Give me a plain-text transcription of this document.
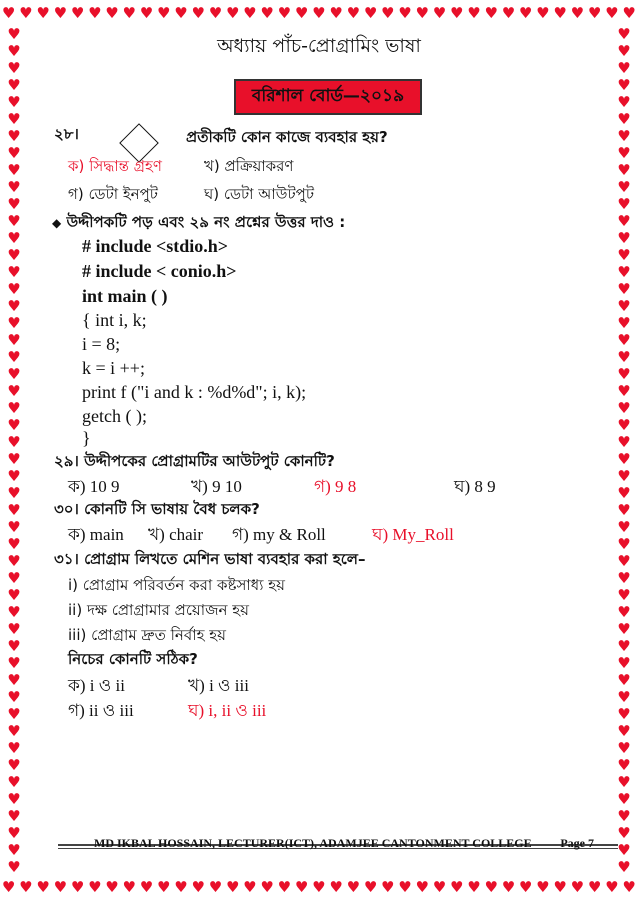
♥ ♥ ♥ ♥ ♥ ♥ ♥ ♥ ♥ ♥ ♥ ♥ ♥ ♥ ♥ ♥ ♥ ♥ ♥ ♥ ♥ ♥ ♥ ♥ ♥ ♥ ♥ ♥ ♥ ♥ ♥ ♥ ♥ ♥ ♥ ♥ ♥
♥ ♥ ♥ ♥ ♥ ♥ ♥ ♥ ♥ ♥ ♥ ♥ ♥ ♥ ♥ ♥ ♥ ♥ ♥ ♥ ♥ ♥ ♥ ♥ ♥ ♥ ♥ ♥ ♥ ♥ ♥ ♥ ♥ ♥ ♥ ♥ ♥
♥
♥
♥
♥
♥
♥
♥
♥
♥
♥
♥
♥
♥
♥
♥
♥
♥
♥
♥
♥
♥
♥
♥
♥
♥
♥
♥
♥
♥
♥
♥
♥
♥
♥
♥
♥
♥
♥
♥
♥
♥
♥
♥
♥
♥
♥
♥
♥
♥
♥
♥
♥
♥
♥
♥
♥
♥
♥
♥
♥
♥
♥
♥
♥
♥
♥
♥
♥
♥
♥
♥
♥
♥
♥
♥
♥
♥
♥
♥
♥
♥
♥
♥
♥
♥
♥
♥
♥
♥
♥
♥
♥
♥
♥
♥
♥
♥
♥
♥
♥
অধ্যায় পাঁচ-প্রোগ্রামিং ভাষা
বরিশাল বোর্ড—২০১৯
২৮।	প্রতীকটি কোন কাজে ব্যবহার হয়?
ক) সিদ্ধান্ত গ্রহণ	খ) প্রক্রিয়াকরণ
গ) ডেটা ইনপুট	ঘ) ডেটা আউটপুট
◆ উদ্দীপকটি পড় এবং ২৯ নং প্রশ্নের উত্তর দাও :
# include <stdio.h>
# include < conio.h>
int main ( )
{ int i, k;
i = 8;
k = i ++;
print f ("i and k : %d%d"; i, k);
getch ( );
}
২৯। উদ্দীপকের প্রোগ্রামটির আউটপুট কোনটি?
ক) 10 9	খ) 9 10	গ) 9 8	ঘ) 8 9
৩০। কোনটি সি ভাষায় বৈধ চলক?
ক) main খ) chair গ) my & Roll	ঘ) My_Roll
৩১। প্রোগ্রাম লিখতে মেশিন ভাষা ব্যবহার করা হলে–
i) প্রোগ্রাম পরিবর্তন করা কষ্টসাধ্য হয়
ii) দক্ষ প্রোগ্রামার প্রয়োজন হয়
iii) প্রোগ্রাম দ্রুত নির্বাহ হয়
নিচের কোনটি সঠিক?
ক) i ও ii	খ) i ও iii
গ) ii ও iii	ঘ) i, ii ও iii
MD IKBAL HOSSAIN, LECTURER(ICT), ADAMJEE CANTONMENT COLLEGE Page 7
